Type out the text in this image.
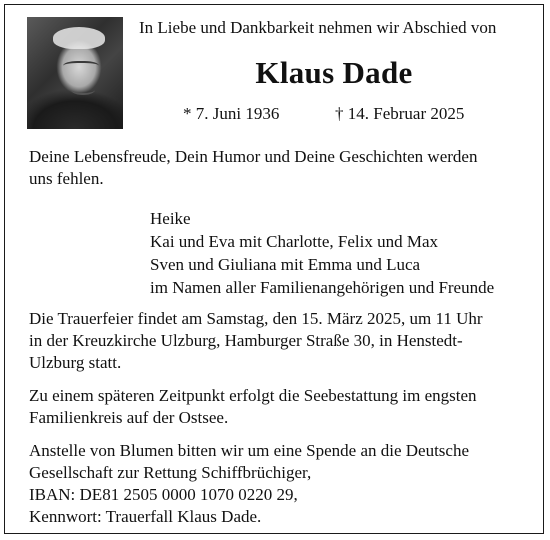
In Liebe und Dankbarkeit nehmen wir Abschied von
Klaus Dade
* 7. Juni 1936	† 14. Februar 2025
Deine Lebensfreude, Dein Humor und Deine Geschichten werden
uns fehlen.
Heike
Kai und Eva mit Charlotte, Felix und Max
Sven und Giuliana mit Emma und Luca
im Namen aller Familienangehörigen und Freunde
Die Trauerfeier findet am Samstag, den 15. März 2025, um 11 Uhr
in der Kreuzkirche Ulzburg, Hamburger Straße 30, in Henstedt-
Ulzburg statt.
Zu einem späteren Zeitpunkt erfolgt die Seebestattung im engsten
Familienkreis auf der Ostsee.
Anstelle von Blumen bitten wir um eine Spende an die Deutsche
Gesellschaft zur Rettung Schiffbrüchiger,
IBAN: DE81 2505 0000 1070 0220 29,
Kennwort: Trauerfall Klaus Dade.
